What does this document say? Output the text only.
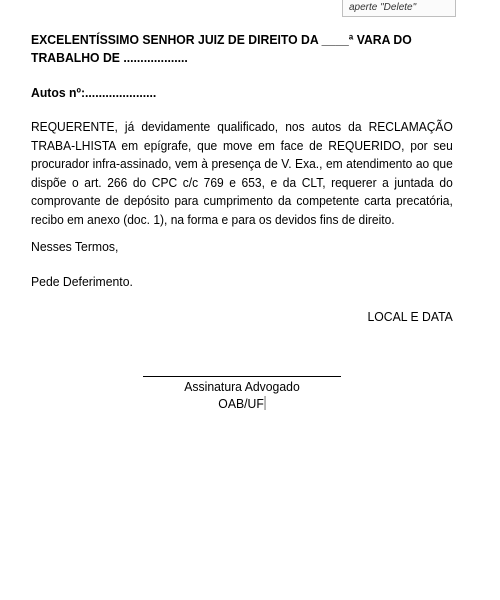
aperte "Delete"
EXCELENTÍSSIMO SENHOR JUIZ DE DIREITO DA ____ª VARA DO TRABALHO DE ...................
Autos nº:.....................
REQUERENTE, já devidamente qualificado, nos autos da RECLAMAÇÃO TRABA-LHISTA em epígrafe, que move em face de REQUERIDO, por seu procurador infra-assinado, vem à presença de V. Exa., em atendimento ao que dispõe o art. 266 do CPC c/c 769 e 653, e da CLT, requerer a juntada do comprovante de depósito para cumprimento da competente carta precatória, recibo em anexo (doc. 1), na forma e para os devidos fins de direito.
Nesses Termos,
Pede Deferimento.
LOCAL E DATA
Assinatura Advogado
OAB/UF
